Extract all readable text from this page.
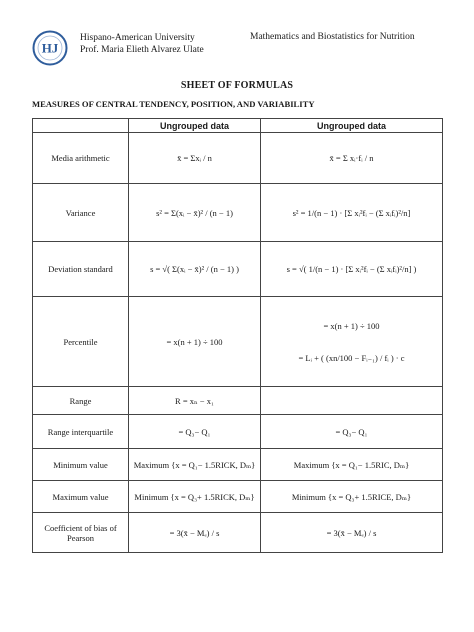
HJ
Hispano-American University
Prof. Maria Elieth Alvarez Ulate
Mathematics and Biostatistics for Nutrition
SHEET OF FORMULAS
MEASURES OF CENTRAL TENDENCY, POSITION, AND VARIABILITY
	Ungrouped data	Ungrouped data
Media arithmetic	x̄ = Σxᵢ / n	x̄ = Σ xᵢ·fᵢ / n
Variance	s² = Σ(xᵢ − x̄)² / (n − 1)	s² = 1/(n − 1) · [Σ xᵢ²fᵢ − (Σ xᵢfᵢ)²/n]
Deviation standard	s = √( Σ(xᵢ − x̄)² / (n − 1) )	s = √( 1/(n − 1) · [Σ xᵢ²fᵢ − (Σ xᵢfᵢ)²/n] )
Percentile	= x(n + 1) ÷ 100	= x(n + 1) ÷ 100
= Lᵢ + ( (xn/100 − Fᵢ₋₁) / fᵢ ) · c

Range	R = xₙ − x₁	
Range interquartile	= Q₃− Q₁	= Q₃− Q₁
Minimum value	Maximum {x = Q₁− 1.5RICK, Dₘ}	Maximum {x = Q₁− 1.5RIC, Dₘ}
Maximum value	Minimum {x = Q₃+ 1.5RICK, Dₘ}	Minimum {x = Q₃+ 1.5RICE, Dₘ}
Coefficient of bias of Pearson	= 3(x̄ − Mₑ) / s	= 3(x̄ − Mₑ) / s
